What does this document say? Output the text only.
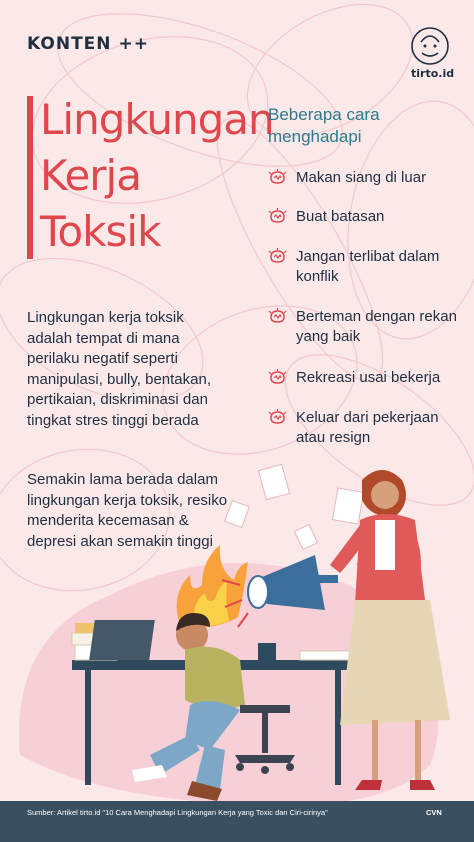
KONTEN ++
tirto.id
Lingkungan
Kerja
Toksik
Lingkungan kerja toksik adalah tempat di mana perilaku negatif seperti manipulasi, bully, bentakan, pertikaian, diskriminasi dan tingkat stres tinggi berada
Semakin lama berada dalam lingkungan kerja toksik, resiko menderita kecemasan & depresi akan semakin tinggi
Beberapa cara menghadapi
Makan siang di luar
Buat batasan
Jangan terlibat dalam konflik
Berteman dengan rekan yang baik
Rekreasi usai bekerja
Keluar dari pekerjaan atau resign
Sumber: Artikel tirto.id "10 Cara Menghadapi Lingkungan Kerja yang Toxic dan Ciri-cirinya"	CVN
